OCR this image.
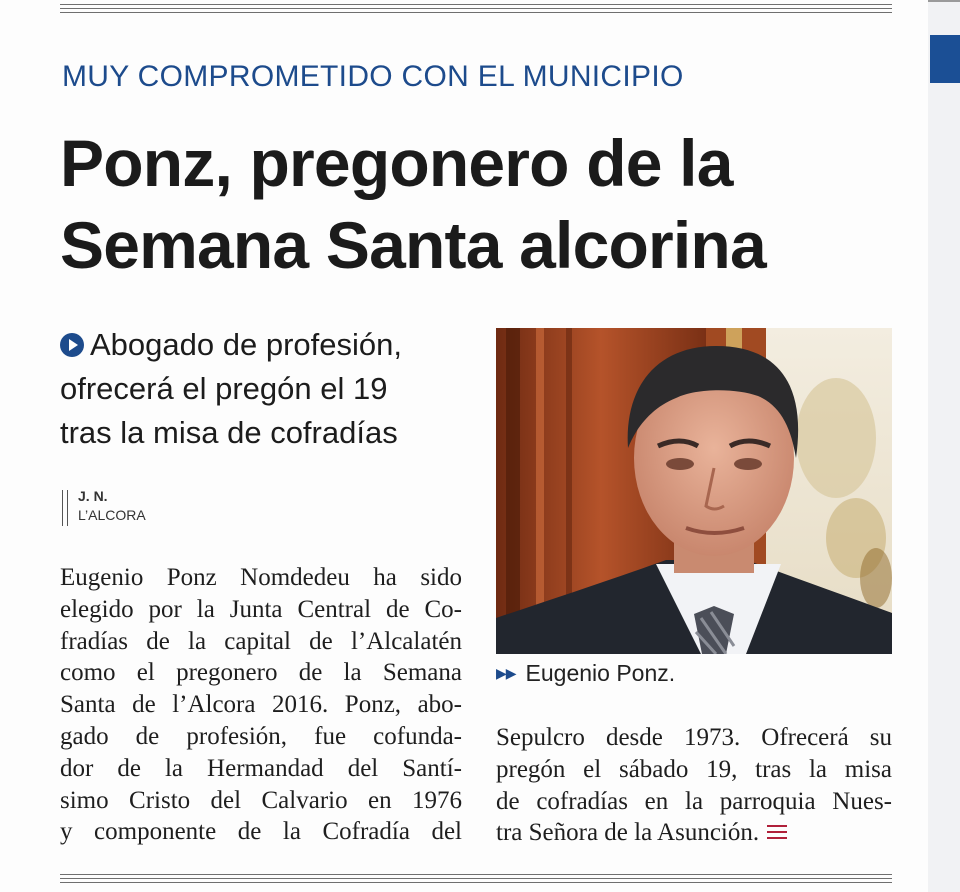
MUY COMPROMETIDO CON EL MUNICIPIO
Ponz, pregonero de la
Semana Santa alcorina
Abogado de profesión,
ofrecerá el pregón el 19
tras la misa de cofradías
J. N.
L’ALCORA
Eugenio Ponz Nomdedeu ha sido
elegido por la Junta Central de Co-
fradías de la capital de l’Alcalatén
como el pregonero de la Semana
Santa de l’Alcora 2016. Ponz, abo-
gado de profesión, fue cofunda-
dor de la Hermandad del Santí-
simo Cristo del Calvario en 1976
y componente de la Cofradía del
▶▶ Eugenio Ponz.
Sepulcro desde 1973. Ofrecerá su
pregón el sábado 19, tras la misa
de cofradías en la parroquia Nues-
tra Señora de la Asunción.
